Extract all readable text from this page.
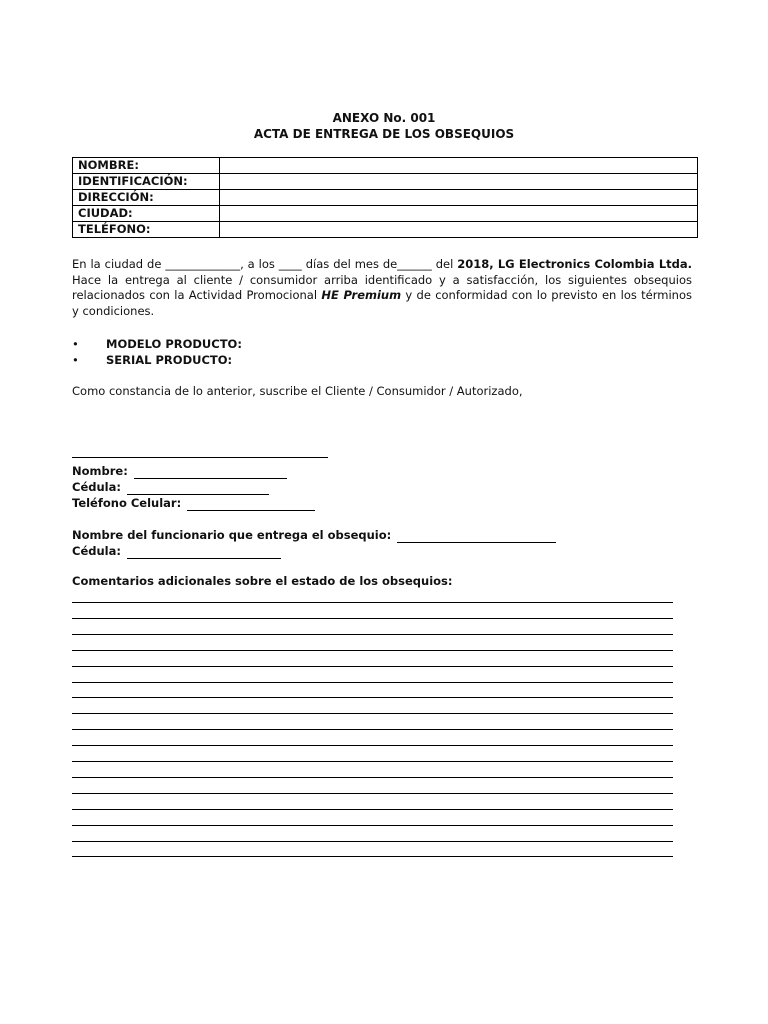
ANEXO No. 001
ACTA DE ENTREGA DE LOS OBSEQUIOS
NOMBRE:	
IDENTIFICACIÓN:	
DIRECCIÓN:	
CIUDAD:	
TELÉFONO:	
En la ciudad de _____________, a los ____ días del mes de______ del 2018, LG Electronics Colombia Ltda. Hace la entrega al cliente / consumidor arriba identificado y a satisfacción, los siguientes obsequios relacionados con la Actividad Promocional HE Premium y de conformidad con lo previsto en los términos y condiciones.
•	MODELO PRODUCTO:
•	SERIAL PRODUCTO:
Como constancia de lo anterior, suscribe el Cliente / Consumidor / Autorizado,
Nombre:
Cédula:
Teléfono Celular:
Nombre del funcionario que entrega el obsequio:
Cédula:
Comentarios adicionales sobre el estado de los obsequios:
